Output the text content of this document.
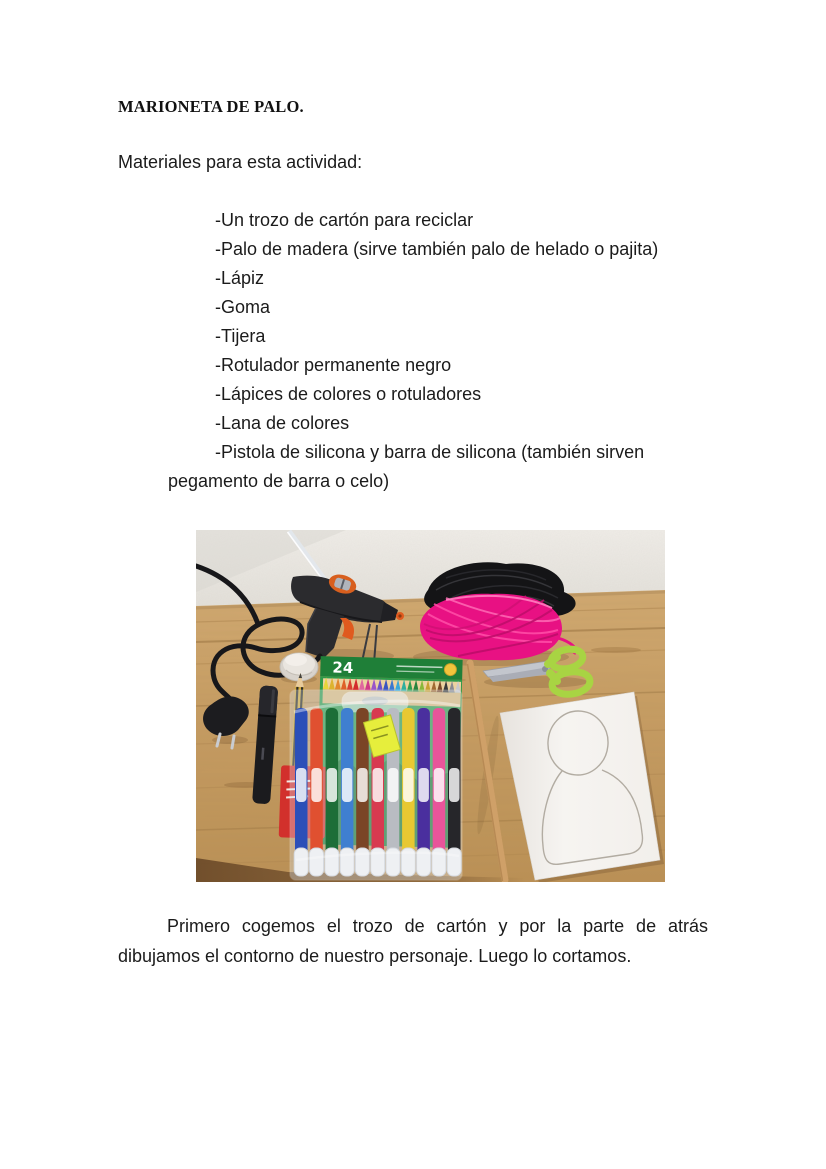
MARIONETA DE PALO.

Materiales para esta actividad:

-Un trozo de cartón para reciclar

-Palo de madera (sirve también palo de helado o pajita)

-Lápiz

-Goma

-Tijera

-Rotulador permanente negro

-Lápices de colores o rotuladores

-Lana de colores

-Pistola de silicona y barra de silicona (también sirven

pegamento de barra o celo)

24

Primero cogemos el trozo de cartón y por la parte de atrás
dibujamos el contorno de nuestro personaje. Luego lo cortamos.
